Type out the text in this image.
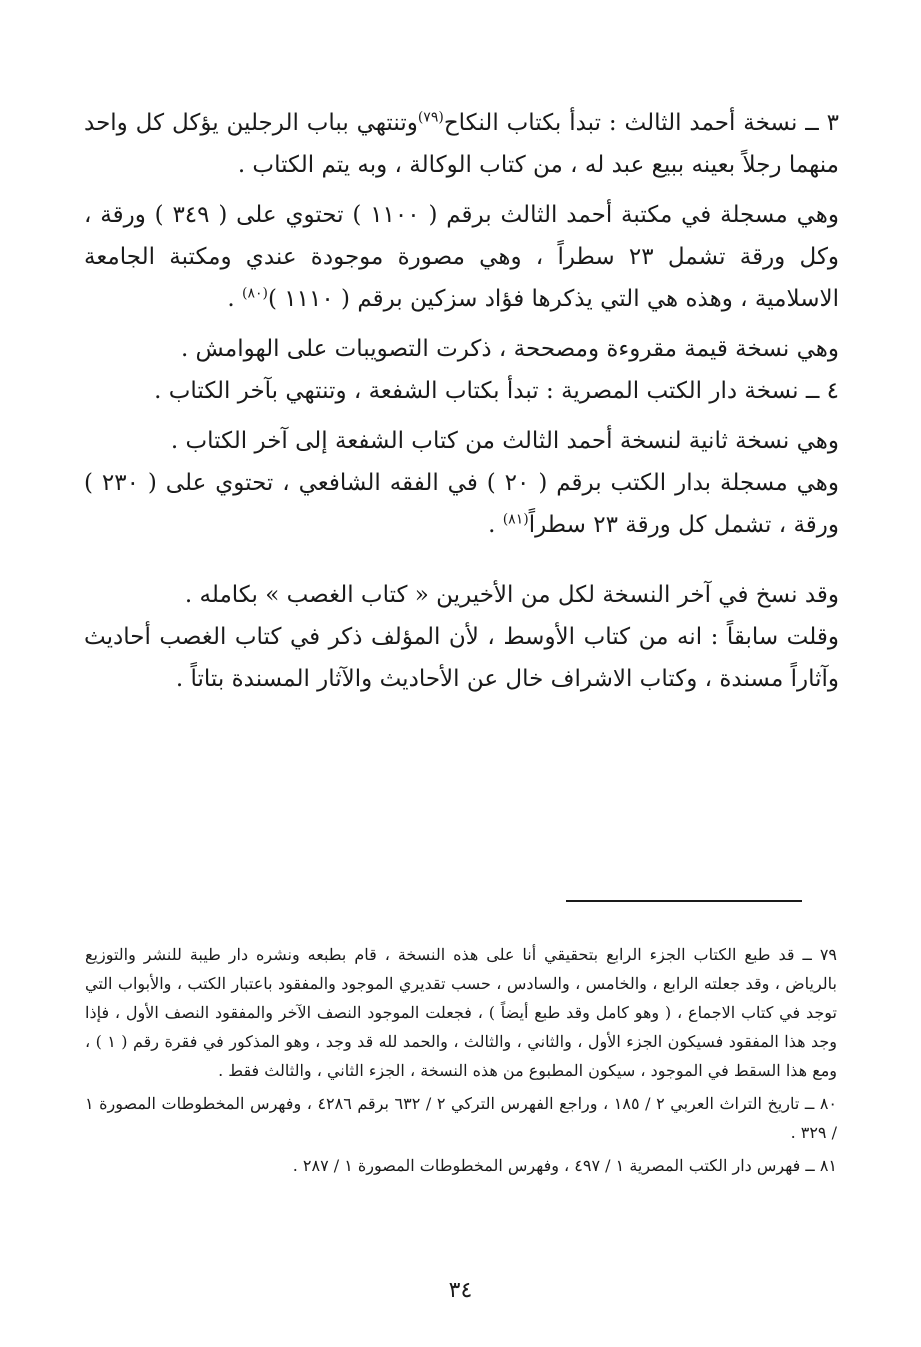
٣ ــ نسخة أحمد الثالث : تبدأ بكتاب النكاح$^{(٧٩)}$وتنتهي بباب الرجلين يؤكل كل واحد منهما رجلاً بعينه ببيع عبد له ، من كتاب الوكالة ، وبه يتم الكتاب .

وهي مسجلة في مكتبة أحمد الثالث برقم ( ١١٠٠ ) تحتوي على ( ٣٤٩ ) ورقة ، وكل ورقة تشمل ٢٣ سطراً ، وهي مصورة موجودة عندي ومكتبة الجامعة الاسلامية ، وهذه هي التي يذكرها فؤاد سزكين برقم ( ١١١٠ )$^{(٨٠)}$ .

وهي نسخة قيمة مقروءة ومصححة ، ذكرت التصويبات على الهوامش .

٤ ــ نسخة دار الكتب المصرية : تبدأ بكتاب الشفعة ، وتنتهي بآخر الكتاب .

وهي نسخة ثانية لنسخة أحمد الثالث من كتاب الشفعة إلى آخر الكتاب .

وهي مسجلة بدار الكتب برقم ( ٢٠ ) في الفقه الشافعي ، تحتوي على ( ٢٣٠ ) ورقة ، تشمل كل ورقة ٢٣ سطراً$^{(٨١)}$ .

وقد نسخ في آخر النسخة لكل من الأخيرين « كتاب الغصب » بكامله .

وقلت سابقاً : انه من كتاب الأوسط ، لأن المؤلف ذكر في كتاب الغصب أحاديث وآثاراً مسندة ، وكتاب الاشراف خال عن الأحاديث والآثار المسندة بتاتاً .

٧٩ ــ قد طبع الكتاب الجزء الرابع بتحقيقي أنا على هذه النسخة ، قام بطبعه ونشره دار طيبة للنشر والتوزيع بالرياض ، وقد جعلته الرابع ، والخامس ، والسادس ، حسب تقديري الموجود والمفقود باعتبار الكتب ، والأبواب التي توجد في كتاب الاجماع ، ( وهو كامل وقد طبع أيضاً ) ، فجعلت الموجود النصف الآخر والمفقود النصف الأول ، فإذا وجد هذا المفقود فسيكون الجزء الأول ، والثاني ، والثالث ، والحمد لله قد وجد ، وهو المذكور في فقرة رقم ( ١ ) ، ومع هذا السقط في الموجود ، سيكون المطبوع من هذه النسخة ، الجزء الثاني ، والثالث فقط .

٨٠ ــ تاريخ التراث العربي ٢ / ١٨٥ ، وراجع الفهرس التركي ٢ / ٦٣٢ برقم ٤٢٨٦ ، وفهرس المخطوطات المصورة ١ / ٣٢٩ .

٨١ ــ فهرس دار الكتب المصرية ١ / ٤٩٧ ، وفهرس المخطوطات المصورة ١ / ٢٨٧ .

٣٤
